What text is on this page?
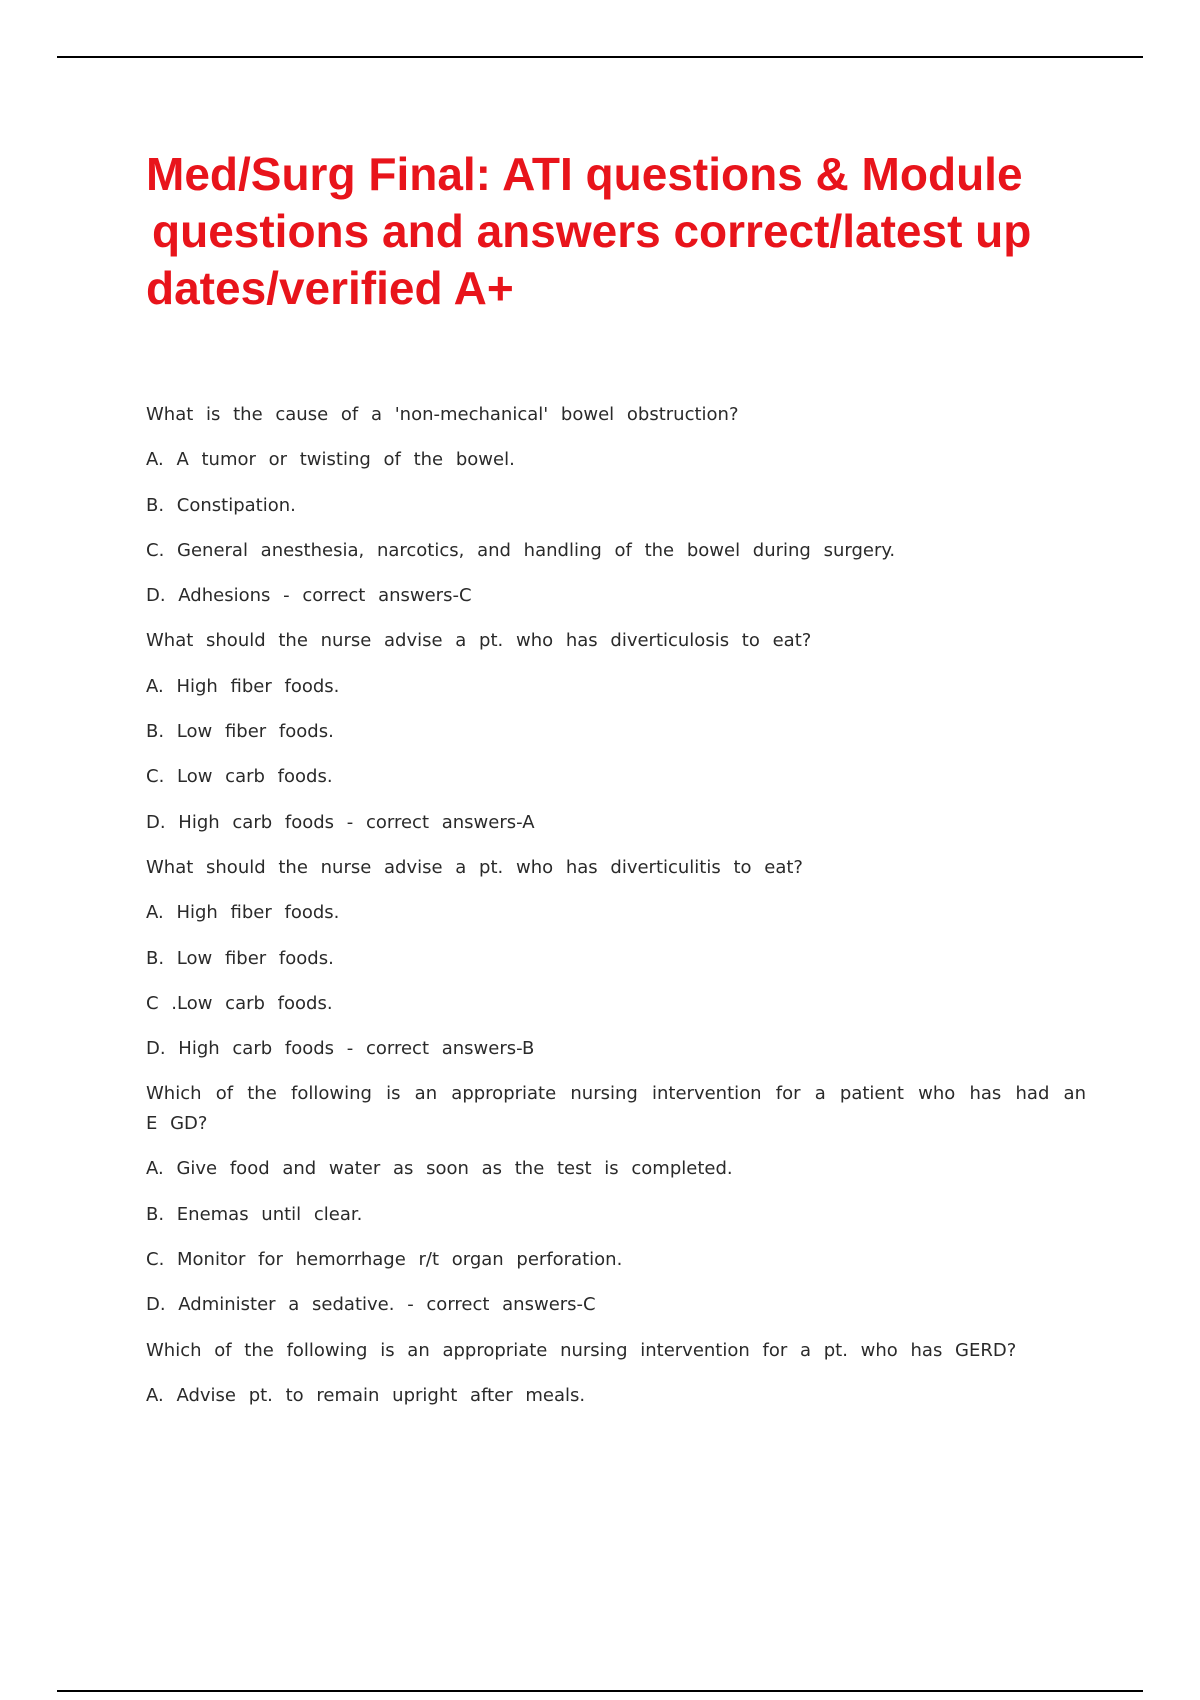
Med/Surg Final: ATI questions & Module
questions and answers correct/latest up
dates/verified A+

What is the cause of a 'non-mechanical' bowel obstruction?

A. A tumor or twisting of the bowel.

B. Constipation.

C. General anesthesia, narcotics, and handling of the bowel during surgery.

D. Adhesions - correct answers-C

What should the nurse advise a pt. who has diverticulosis to eat?

A. High fiber foods.

B. Low fiber foods.

C. Low carb foods.

D. High carb foods - correct answers-A

What should the nurse advise a pt. who has diverticulitis to eat?

A. High fiber foods.

B. Low fiber foods.

C .Low carb foods.

D. High carb foods - correct answers-B

Which of the following is an appropriate nursing intervention for a patient who has had an E GD?

A. Give food and water as soon as the test is completed.

B. Enemas until clear.

C. Monitor for hemorrhage r/t organ perforation.

D. Administer a sedative. - correct answers-C

Which of the following is an appropriate nursing intervention for a pt. who has GERD?

A. Advise pt. to remain upright after meals.
